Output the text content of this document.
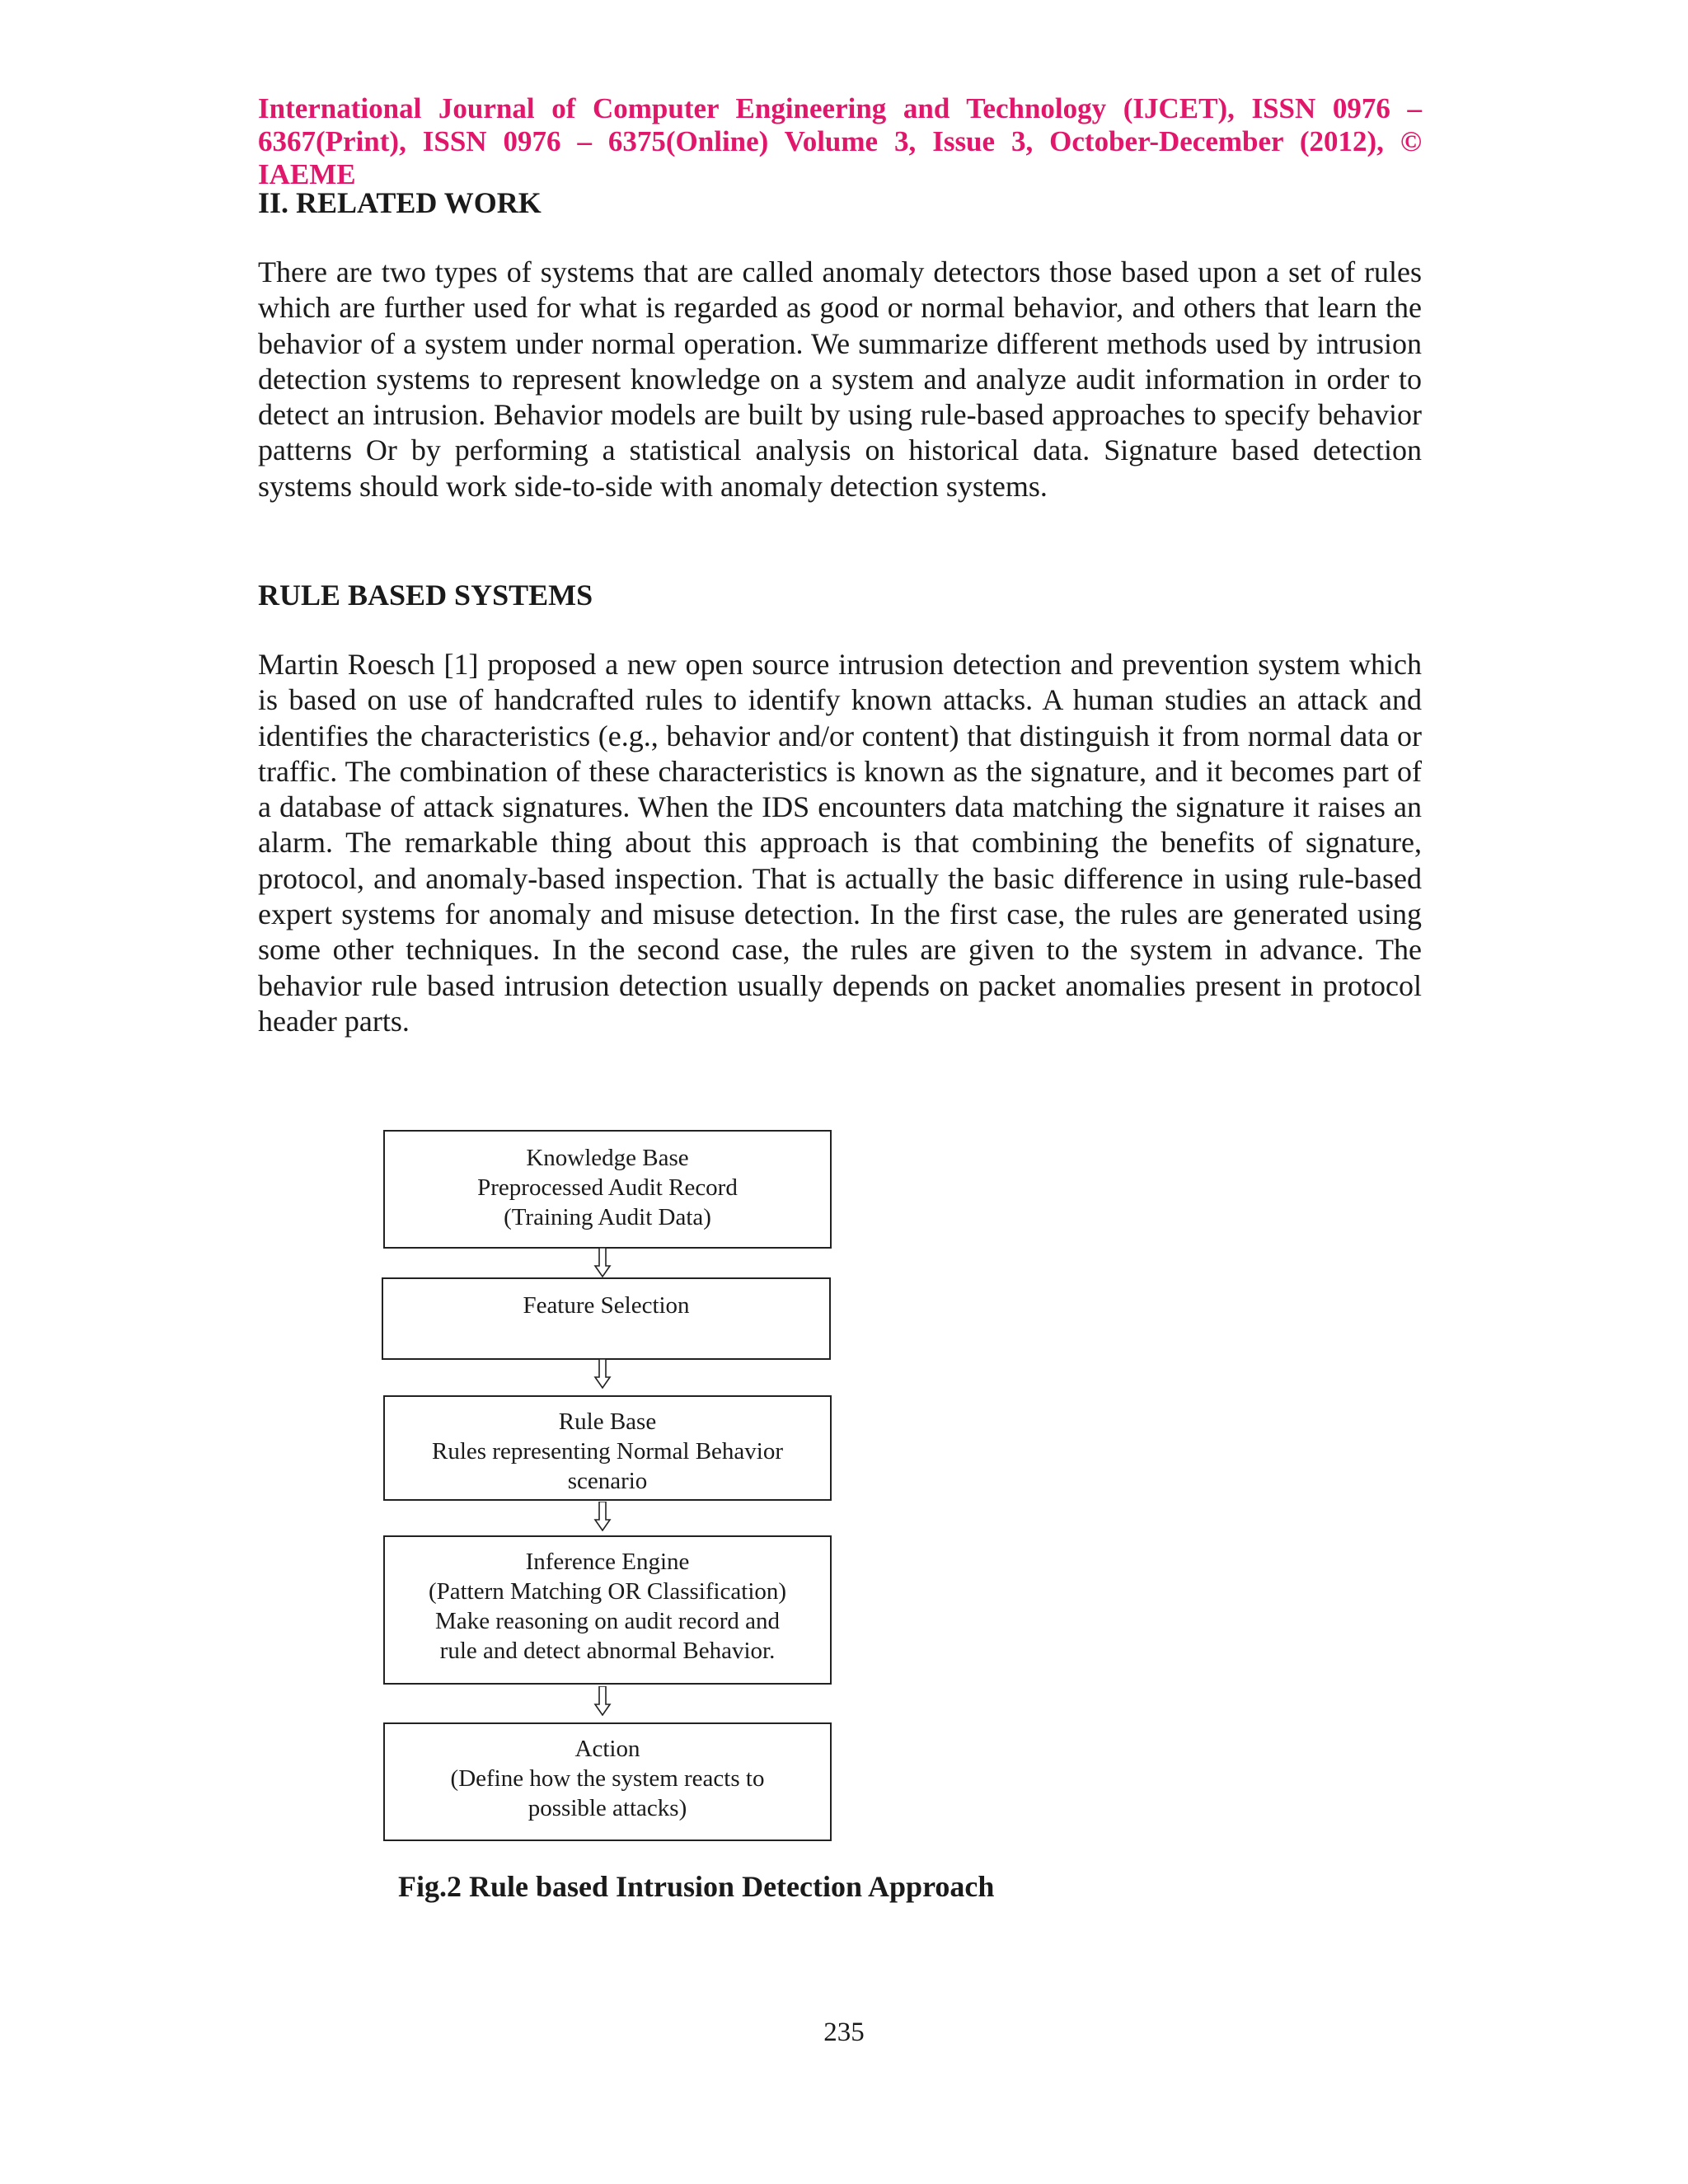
International Journal of Computer Engineering and Technology (IJCET), ISSN 0976 – 6367(Print), ISSN 0976 – 6375(Online) Volume 3, Issue 3, October-December (2012), © IAEME

II. RELATED WORK

There are two types of systems that are called anomaly detectors those based upon a set of rules which are further used for what is regarded as good or normal behavior, and others that learn the behavior of a system under normal operation. We summarize different methods used by intrusion detection systems to represent knowledge on a system and analyze audit information in order to detect an intrusion. Behavior models are built by using rule-based approaches to specify behavior patterns Or by performing a statistical analysis on historical data. Signature based detection systems should work side-to-side with anomaly detection systems.

RULE BASED SYSTEMS

Martin Roesch [1] proposed a new open source intrusion detection and prevention system which is based on use of handcrafted rules to identify known attacks. A human studies an attack and identifies the characteristics (e.g., behavior and/or content) that distinguish it from normal data or traffic. The combination of these characteristics is known as the signature, and it becomes part of a database of attack signatures. When the IDS encounters data matching the signature it raises an alarm. The remarkable thing about this approach is that combining the benefits of signature, protocol, and anomaly-based inspection. That is actually the basic difference in using rule-based expert systems for anomaly and misuse detection. In the first case, the rules are generated using some other techniques. In the second case, the rules are given to the system in advance. The behavior rule based intrusion detection usually depends on packet anomalies present in protocol header parts.

Knowledge Base
Preprocessed Audit Record
(Training Audit Data)
Feature Selection
Rule Base
Rules representing Normal Behavior
scenario
Inference Engine
(Pattern Matching OR Classification)
Make reasoning on audit record and
rule and detect abnormal Behavior.
Action
(Define how the system reacts to
possible attacks)

Fig.2 Rule based Intrusion Detection Approach

235
